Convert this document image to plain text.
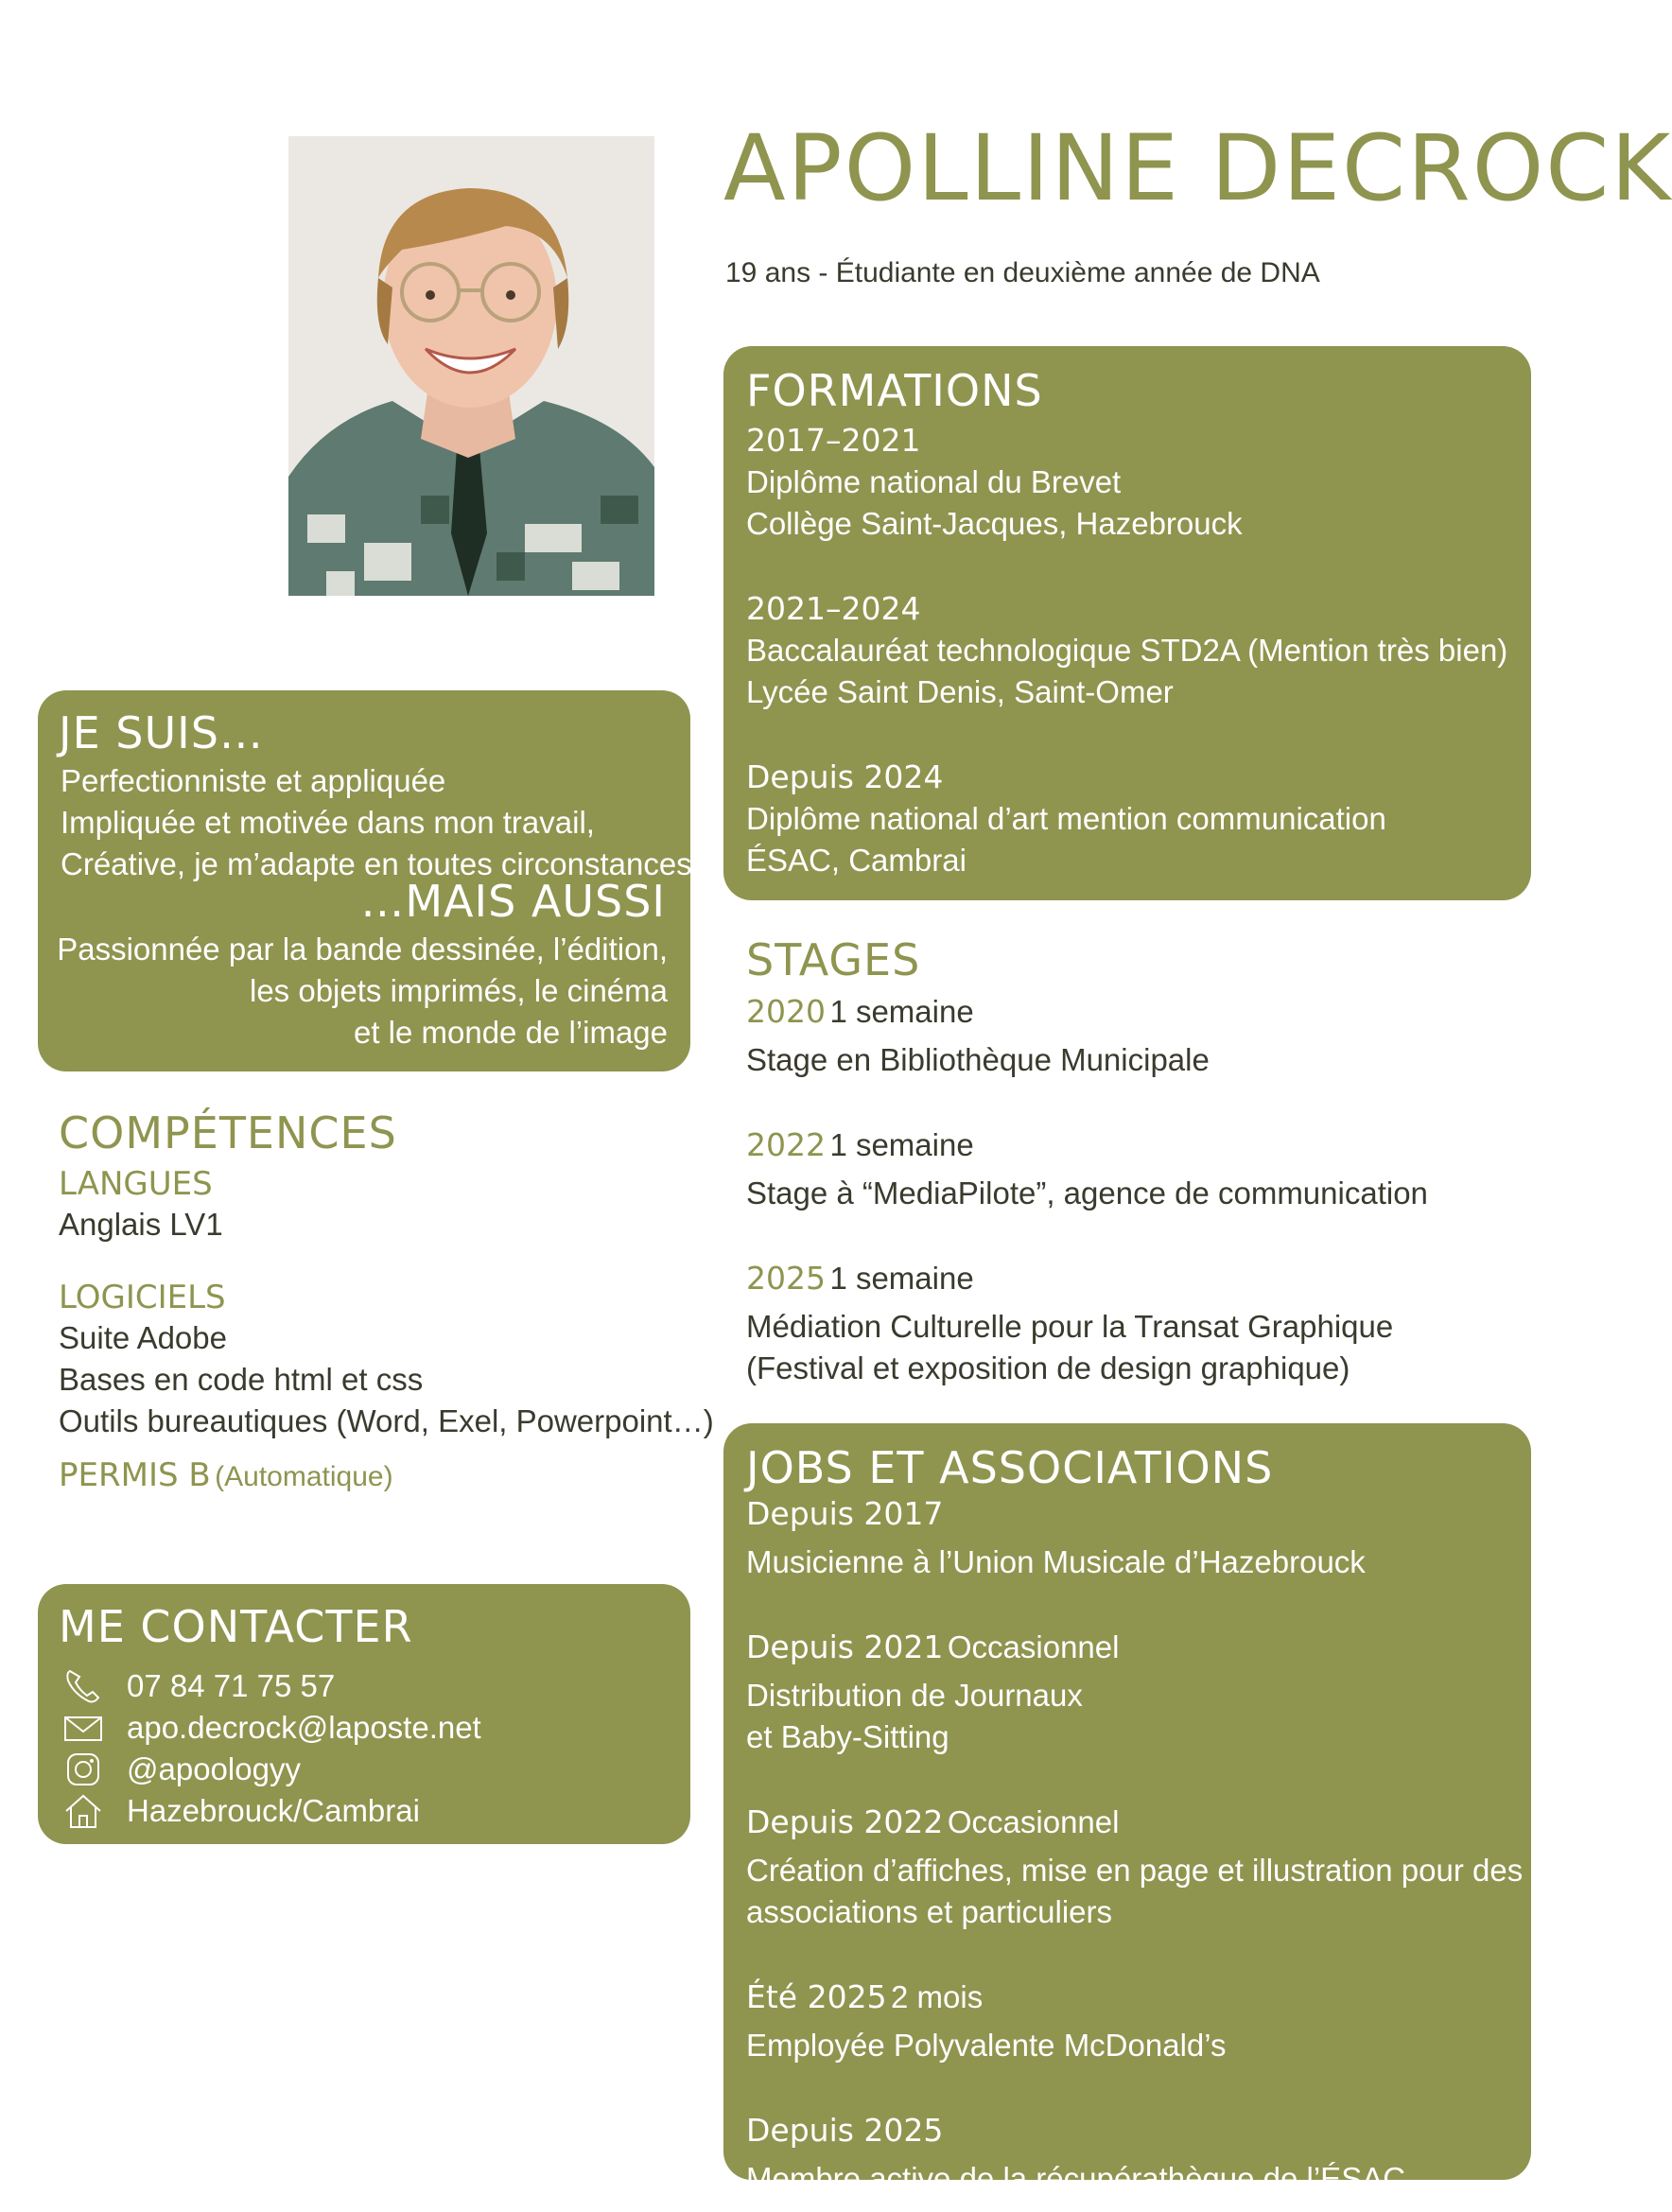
APOLLINE DECROCK
19 ans - Étudiante en deuxième année de DNA
JE SUIS…
Perfectionniste et appliquée
Impliquée et motivée dans mon travail,
Créative, je m’adapte en toutes circonstances.
…MAIS AUSSI
Passionnée par la bande dessinée, l’édition,
les objets imprimés, le cinéma
et le monde de l’image
COMPÉTENCES
LANGUES
Anglais LV1
LOGICIELS
Suite Adobe
Bases en code html et css
Outils bureautiques (Word, Exel, Powerpoint…)
PERMIS B (Automatique)
ME CONTACTER
07 84 71 75 57
apo.decrock@laposte.net
@apoologyy
Hazebrouck/Cambrai
FORMATIONS
2017–2021
Diplôme national du Brevet
Collège Saint-Jacques, Hazebrouck
2021–2024
Baccalauréat technologique STD2A (Mention très bien)
Lycée Saint Denis, Saint-Omer
Depuis 2024
Diplôme national d’art mention communication
ÉSAC, Cambrai
STAGES
2020 1 semaine
Stage en Bibliothèque Municipale
2022 1 semaine
Stage à “MediaPilote”, agence de communication
2025 1 semaine
Médiation Culturelle pour la Transat Graphique
(Festival et exposition de design graphique)
JOBS ET ASSOCIATIONS
Depuis 2017
Musicienne à l’Union Musicale d’Hazebrouck
Depuis 2021 Occasionnel
Distribution de Journaux
et Baby-Sitting
Depuis 2022 Occasionnel
Création d’affiches, mise en page et illustration pour des
associations et particuliers
Été 2025 2 mois
Employée Polyvalente McDonald’s
Depuis 2025
Membre active de la récupérathèque de l’ÉSAC
